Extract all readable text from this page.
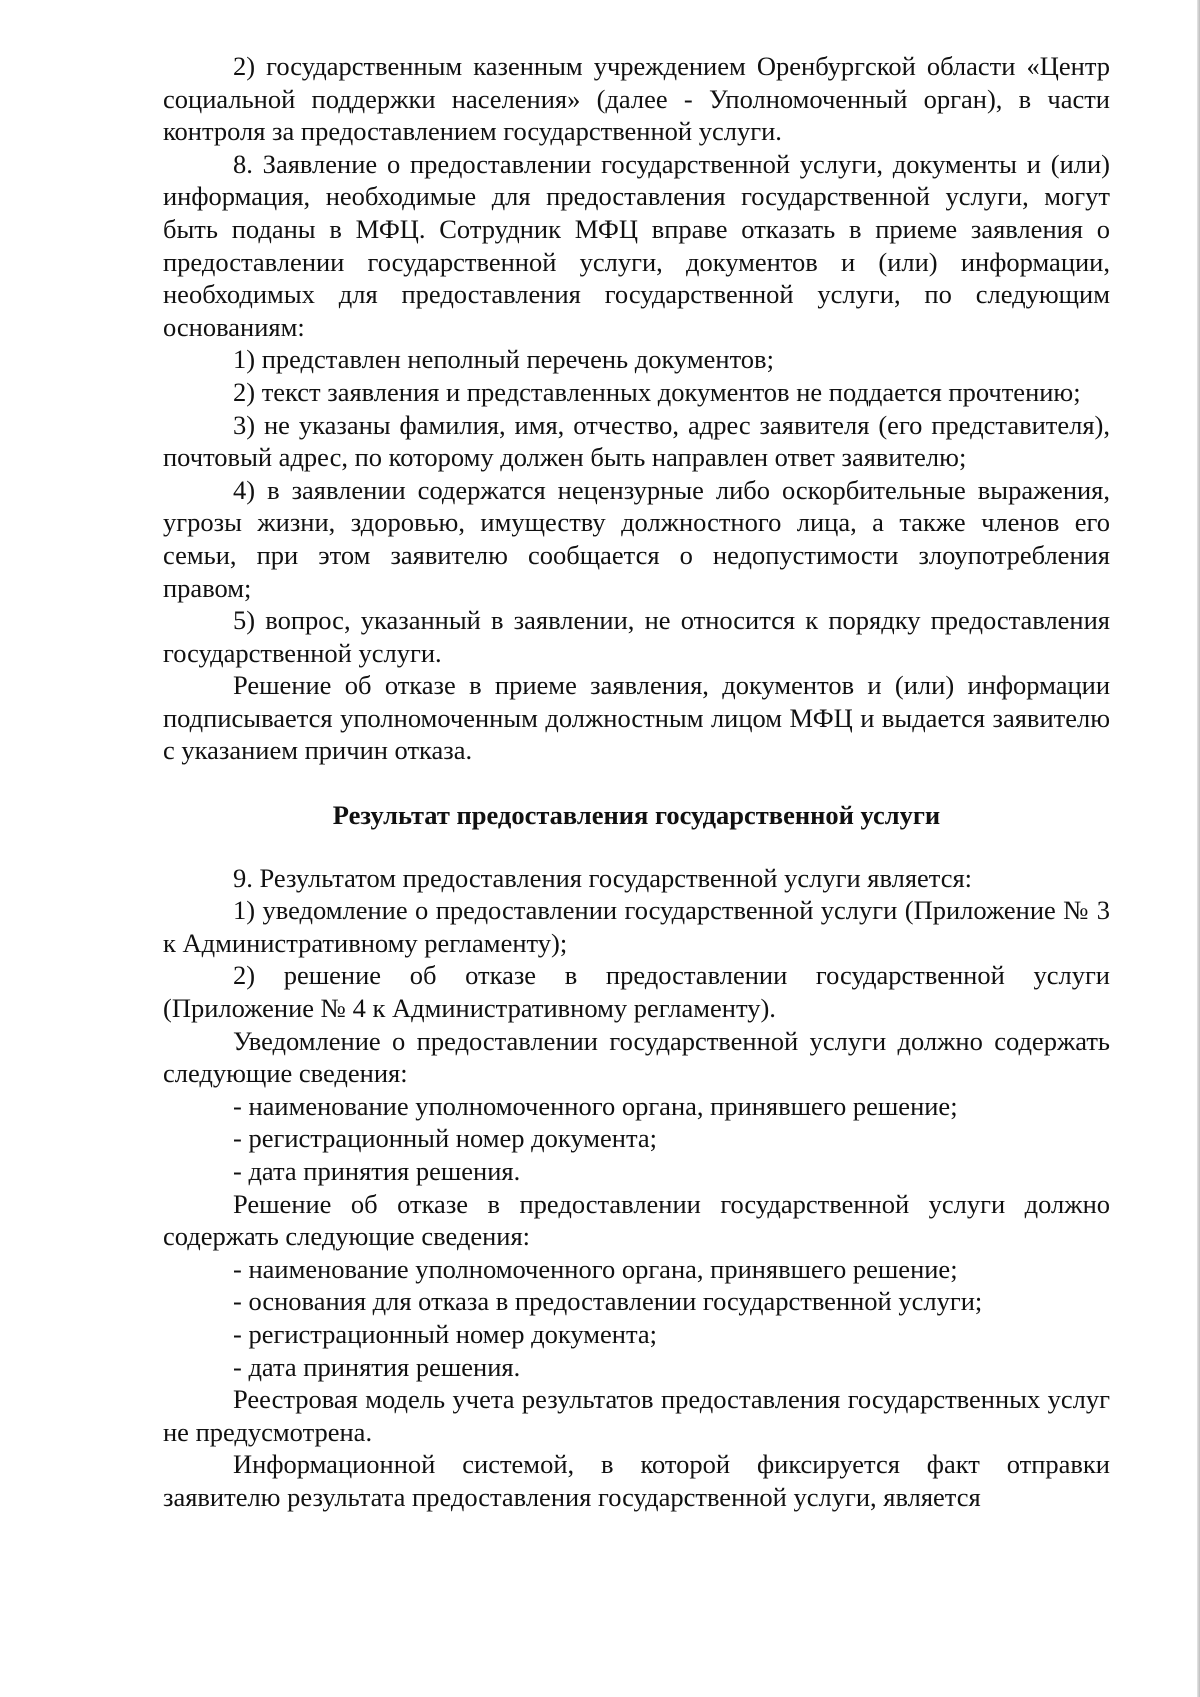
2) государственным казенным учреждением Оренбургской области «Центр социальной поддержки населения» (далее - Уполномоченный орган), в части контроля за предоставлением государственной услуги.

8. Заявление о предоставлении государственной услуги, документы и (или) информация, необходимые для предоставления государственной услуги, могут быть поданы в МФЦ. Сотрудник МФЦ вправе отказать в приеме заявления о предоставлении государственной услуги, документов и (или) информации, необходимых для предоставления государственной услуги, по следующим основаниям:

1) представлен неполный перечень документов;

2) текст заявления и представленных документов не поддается прочтению;

3) не указаны фамилия, имя, отчество, адрес заявителя (его представителя), почтовый адрес, по которому должен быть направлен ответ заявителю;

4) в заявлении содержатся нецензурные либо оскорбительные выражения, угрозы жизни, здоровью, имуществу должностного лица, а также членов его семьи, при этом заявителю сообщается о недопустимости злоупотребления правом;

5) вопрос, указанный в заявлении, не относится к порядку предоставления государственной услуги.

Решение об отказе в приеме заявления, документов и (или) информации подписывается уполномоченным должностным лицом МФЦ и выдается заявителю с указанием причин отказа.

Результат предоставления государственной услуги

9. Результатом предоставления государственной услуги является:

1) уведомление о предоставлении государственной услуги (Приложение № 3 к Административному регламенту);

2) решение об отказе в предоставлении государственной услуги (Приложение № 4 к Административному регламенту).

Уведомление о предоставлении государственной услуги должно содержать следующие сведения:

- наименование уполномоченного органа, принявшего решение;

- регистрационный номер документа;

- дата принятия решения.

Решение об отказе в предоставлении государственной услуги должно содержать следующие сведения:

- наименование уполномоченного органа, принявшего решение;

- основания для отказа в предоставлении государственной услуги;

- регистрационный номер документа;

- дата принятия решения.

Реестровая модель учета результатов предоставления государственных услуг не предусмотрена.

Информационной системой, в которой фиксируется факт отправки заявителю результата предоставления государственной услуги, является
